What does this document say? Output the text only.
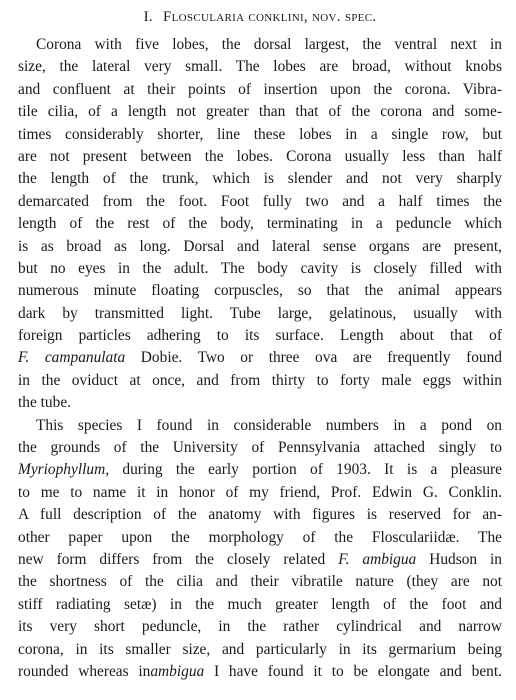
I. Floscularia conklini, nov. spec.
Corona with five lobes, the dorsal largest, the ventral next in
size, the lateral very small. The lobes are broad, without knobs
and confluent at their points of insertion upon the corona. Vibra-
tile cilia, of a length not greater than that of the corona and some-
times considerably shorter, line these lobes in a single row, but
are not present between the lobes. Corona usually less than half
the length of the trunk, which is slender and not very sharply
demarcated from the foot. Foot fully two and a half times the
length of the rest of the body, terminating in a peduncle which
is as broad as long. Dorsal and lateral sense organs are present,
but no eyes in the adult. The body cavity is closely filled with
numerous minute floating corpuscles, so that the animal appears
dark by transmitted light. Tube large, gelatinous, usually with
foreign particles adhering to its surface. Length about that of
F. campanulata Dobie. Two or three ova are frequently found
in the oviduct at once, and from thirty to forty male eggs within
the tube.
This species I found in considerable numbers in a pond on
the grounds of the University of Pennsylvania attached singly to
Myriophyllum, during the early portion of 1903. It is a pleasure
to me to name it in honor of my friend, Prof. Edwin G. Conklin.
A full description of the anatomy with figures is reserved for an-
other paper upon the morphology of the Flosculariidæ. The
new form differs from the closely related F. ambigua Hudson in
the shortness of the cilia and their vibratile nature (they are not
stiff radiating setæ) in the much greater length of the foot and
its very short peduncle, in the rather cylindrical and narrow
corona, in its smaller size, and particularly in its germarium being
rounded whereas inambigua I have found it to be elongate and bent.
